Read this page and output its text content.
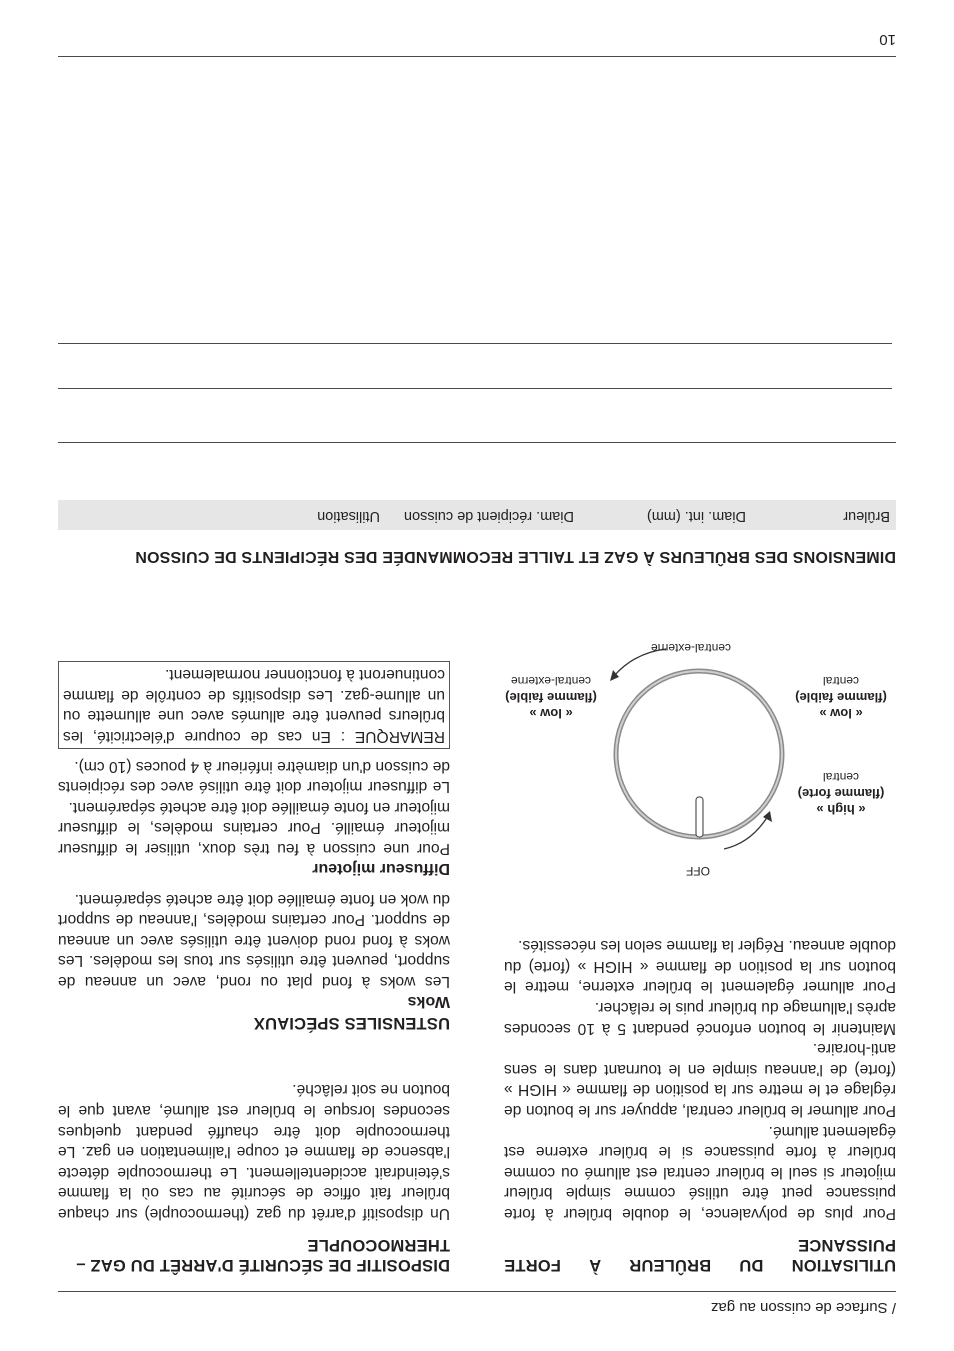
/ Surface de cuisson au gaz
UTILISATION DU BRÛLEUR À FORTE PUISSANCE

Pour plus de polyvalence, le double brûleur à forte puissance peut être utilisé comme simple brûleur mijoteur si seul le brûleur central est allumé ou comme brûleur à forte puissance si le brûleur externe est également allumé.

Pour allumer le brûleur central, appuyer sur le bouton de réglage et le mettre sur la position de flamme « HIGH » (forte) de l'anneau simple en le tournant dans le sens anti-horaire.

Maintenir le bouton enfoncé pendant 5 à 10 secondes après l'allumage du brûleur puis le relâcher.

Pour allumer également le brûleur externe, mettre le bouton sur la position de flamme « HIGH » (forte) du double anneau. Régler la flamme selon les nécessités.

OFF
« high »
(flamme forte)
central
« low »
(flamme faible)
central
« low »
(flamme faible)
central-externe
central-externe
DISPOSITIF DE SÉCURITÉ D'ARRÊT DU GAZ – THERMOCOUPLE
Un dispositif d'arrêt du gaz (thermocouple) sur chaque brûleur fait office de sécurité au cas où la flamme s'éteindrait accidentellement. Le thermocouple détecte l'absence de flamme et coupe l'alimentation en gaz. Le thermocouple doit être chauffé pendant quelques secondes lorsque le brûleur est allumé, avant que le bouton ne soit relâché.
USTENSILES SPÉCIAUX
Woks
Les woks à fond plat ou rond, avec un anneau de support, peuvent être utilisés sur tous les modèles. Les woks à fond rond doivent être utilisés avec un anneau de support. Pour certains modèles, l'anneau de support du wok en fonte émaillée doit être acheté séparément.
Diffuseur mijoteur
Pour une cuisson à feu très doux, utiliser le diffuseur mijoteur émaillé. Pour certains modèles, le diffuseur mijoteur en fonte émaillée doit être acheté séparément.
Le diffuseur mijoteur doit être utilisé avec des récipients de cuisson d'un diamètre inférieur à 4 pouces (10 cm).
REMARQUE : En cas de coupure d'électricité, les brûleurs peuvent être allumés avec une allumette ou un allume-gaz. Les dispositifs de contrôle de flamme continueront à fonctionner normalement.
DIMENSIONS DES BRÛLEURS À GAZ ET TAILLE RECOMMANDÉE DES RÉCIPIENTS DE CUISSON
Brûleur
Diam. int. (mm)
Diam. récipient de cuisson
Utilisation
10
